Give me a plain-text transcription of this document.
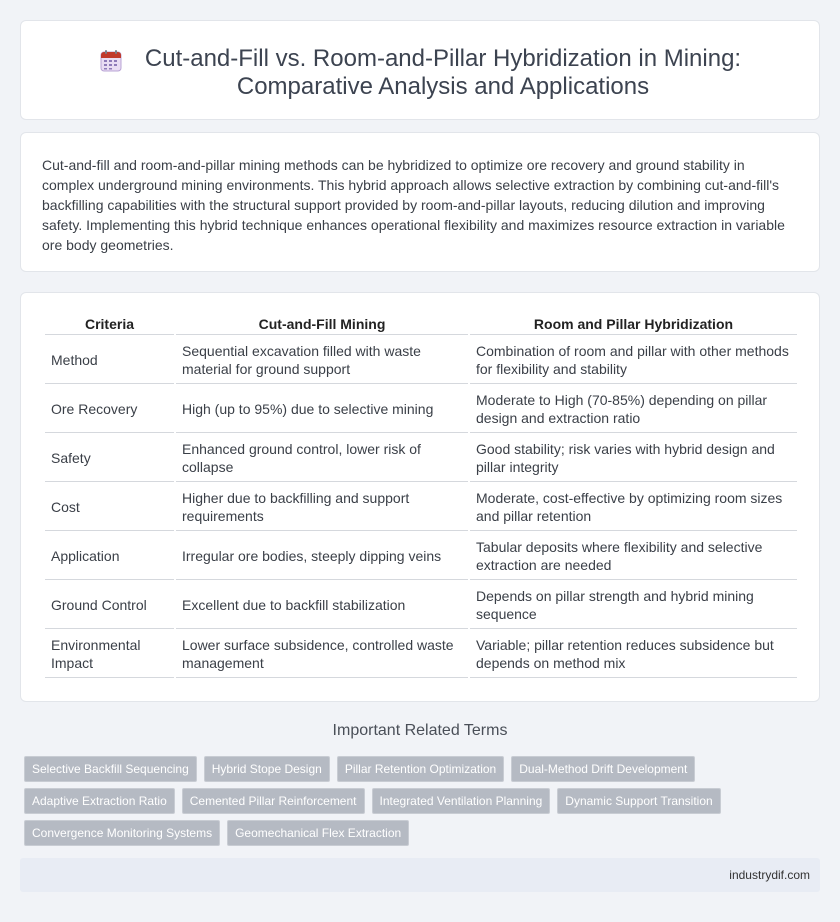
Cut-and-Fill vs. Room-and-Pillar Hybridization in Mining:
Comparative Analysis and Applications

Cut-and-fill and room-and-pillar mining methods can be hybridized to optimize ore recovery and ground stability in complex underground mining environments. This hybrid approach allows selective extraction by combining cut-and-fill's backfilling capabilities with the structural support provided by room-and-pillar layouts, reducing dilution and improving safety. Implementing this hybrid technique enhances operational flexibility and maximizes resource extraction in variable ore body geometries.

Criteria	Cut-and-Fill Mining	Room and Pillar Hybridization
Method	Sequential excavation filled with waste material for ground support	Combination of room and pillar with other methods for flexibility and stability
Ore Recovery	High (up to 95%) due to selective mining	Moderate to High (70-85%) depending on pillar design and extraction ratio
Safety	Enhanced ground control, lower risk of collapse	Good stability; risk varies with hybrid design and pillar integrity
Cost	Higher due to backfilling and support requirements	Moderate, cost-effective by optimizing room sizes and pillar retention
Application	Irregular ore bodies, steeply dipping veins	Tabular deposits where flexibility and selective extraction are needed
Ground Control	Excellent due to backfill stabilization	Depends on pillar strength and hybrid mining sequence
Environmental Impact	Lower surface subsidence, controlled waste management	Variable; pillar retention reduces subsidence but depends on method mix
Important Related Terms
Selective Backfill Sequencing	Hybrid Stope Design	Pillar Retention Optimization	Dual-Method Drift Development
Adaptive Extraction Ratio	Cemented Pillar Reinforcement	Integrated Ventilation Planning	Dynamic Support Transition
Convergence Monitoring Systems	Geomechanical Flex Extraction
industrydif.com
